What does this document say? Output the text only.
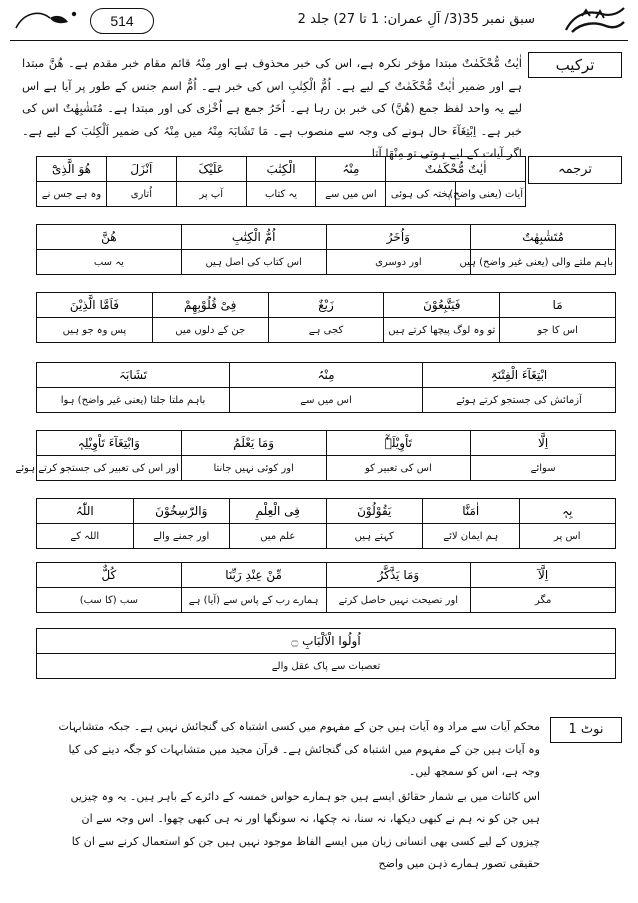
514	سبق نمبر 35(3/ آلِ عمران: 1 تا 27) جلد 2
ترکیب
اٰیٰتٌ مُّحْکَمٰتٌ مبتدا مؤخر نکرہ ہے، اس کی خبر محذوف ہے اور مِنْہُ قائم مقام خبر مقدم ہے۔ ھُنَّ مبتدا ہے اور ضمیر اٰیٰتٌ مُّحْکَمٰتٌ کے لیے ہے۔ اُمُّ الْکِتٰبِ اس کی خبر ہے۔ اُمُّ اسم جنس کے طور پر آیا ہے اس لیے یہ واحد لفظ جمع (ھُنَّ) کی خبر بن رہا ہے۔ اُخَرُ جمع ہے اُخْرٰی کی اور مبتدا ہے۔ مُتَشٰبِھٰتٌ اس کی خبر ہے۔ اِبْتِغَآءَ حال ہونے کی وجہ سے منصوب ہے۔ مَا تَشَابَہَ مِنْہُ میں مِنْہُ کی ضمیر اَلْکِتٰبَ کے لیے ہے۔ اگر آیات کے لیے ہوتی تو مِنْھَا آتا۔
ترجمہ
اٰیٰتٌ مُّحْکَمٰتٌ		مِنْہُ	الْکِتٰبَ	عَلَیْکَ	اَنْزَلَ	ھُوَ الَّذِیْٓ
آیات (یعنی واضح)	پختہ کی ہوئی	اس میں سے	یہ کتاب	آپ پر	اُتاری	وہ ہے جس نے
مُتَشٰبِھٰتٌ	وَاُخَرُ	اُمُّ الْکِتٰبِ	ھُنَّ
باہم ملتے والی (یعنی غیر واضح) ہیں	اور دوسری	اس کتاب کی اصل ہیں	یہ سب
مَا	فَیَتَّبِعُوْنَ	زَیْغٌ	فِیْ قُلُوْبِھِمْ	فَاَمَّا الَّذِیْنَ
اس کا جو	تو وہ لوگ پیچھا کرتے ہیں	کجی ہے	جن کے دلوں میں	پس وہ جو ہیں
ابْتِغَآءَ الْفِتْنَۃِ	مِنْہُ	تَشَابَہَ
آزمائش کی جستجو کرتے ہوئے	اس میں سے	باہم ملتا جلتا (یعنی غیر واضح) ہوا
اِلَّا	تَاْوِیْلَہٗٓ	وَمَا یَعْلَمُ	وَابْتِغَآءَ تَاْوِیْلِہٖ
سوائے	اس کی تعبیر کو	اور کوئی نہیں جانتا	اور اس کی تعبیر کی جستجو کرتے ہوئے
بِہٖ	اٰمَنَّا	یَقُوْلُوْنَ	فِی الْعِلْمِ	وَالرّٰسِخُوْنَ	اللّٰہُ
اس پر	ہم ایمان لائے	کہتے ہیں	علم میں	اور جمنے والے	اللہ کے
اِلَّآ	وَمَا یَذَّکَّرُ	مِّنْ عِنْدِ رَبِّنَا	کُلٌّ
مگر	اور نصیحت نہیں حاصل کرتے	ہمارے رب کے پاس سے (آیا) ہے	سب (کا سب)
اُولُوا الْاَلْبَابِ ۝
تعصبات سے پاک عقل والے
نوٹ 1
محکم آیات سے مراد وہ آیات ہیں جن کے مفہوم میں کسی اشتباہ کی گنجائش نہیں ہے۔ جبکہ متشابہات وہ آیات ہیں جن کے مفہوم میں اشتباہ کی گنجائش ہے۔ قرآن مجید میں متشابہات کو جگہ دینے کی کیا وجہ ہے، اس کو سمجھ لیں۔
اس کائنات میں بے شمار حقائق ایسے ہیں جو ہمارے حواس خمسہ کے دائرے کے باہر ہیں۔ یہ وہ چیزیں ہیں جن کو نہ ہم نے کبھی دیکھا، نہ سنا، نہ چکھا، نہ سونگھا اور نہ ہی کبھی چھوا۔ اس وجہ سے ان چیزوں کے لیے کسی بھی انسانی زبان میں ایسے الفاظ موجود نہیں ہیں جن کو استعمال کرنے سے ان کا حقیقی تصور ہمارے ذہن میں واضح
